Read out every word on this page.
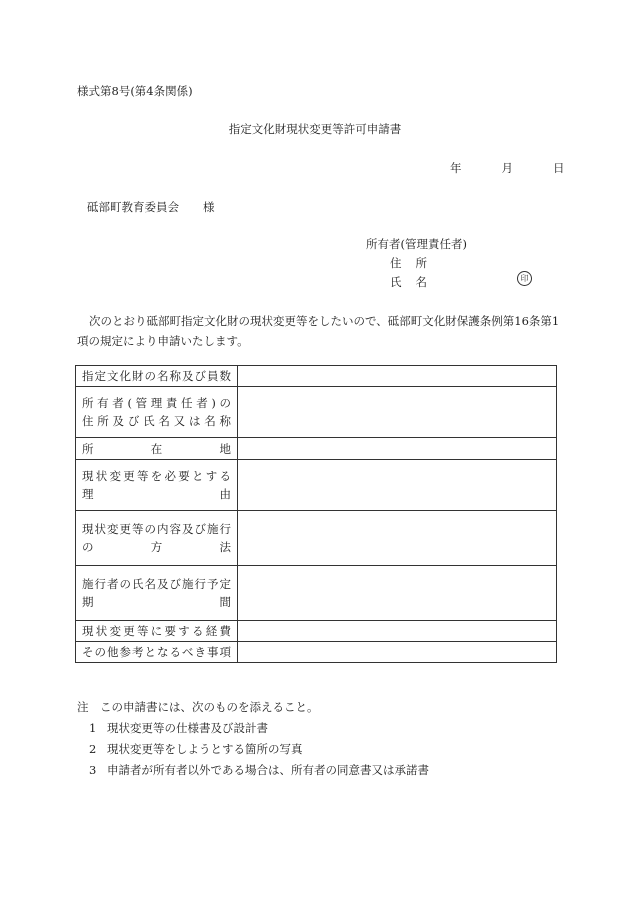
様式第8号(第4条関係)
指定文化財現状変更等許可申請書
年	月	日
砥部町教育委員会 様
所有者(管理責任者)
住所
氏名	印
次のとおり砥部町指定文化財の現状変更等をしたいので、砥部町文化財保護条例第16条第1項の規定により申請いたします。
指定文化財の名称及び員数	

所有者(管理責任者)の
住所及び氏名又は名称	

所在地	

現状変更等を必要とする
理由	

現状変更等の内容及び施行
の方法	

施行者の氏名及び施行予定
期間	

現状変更等に要する経費	

その他参考となるべき事項	

注　この申請書には、次のものを添えること。
1 現状変更等の仕様書及び設計書
2 現状変更等をしようとする箇所の写真
3 申請者が所有者以外である場合は、所有者の同意書又は承諾書
